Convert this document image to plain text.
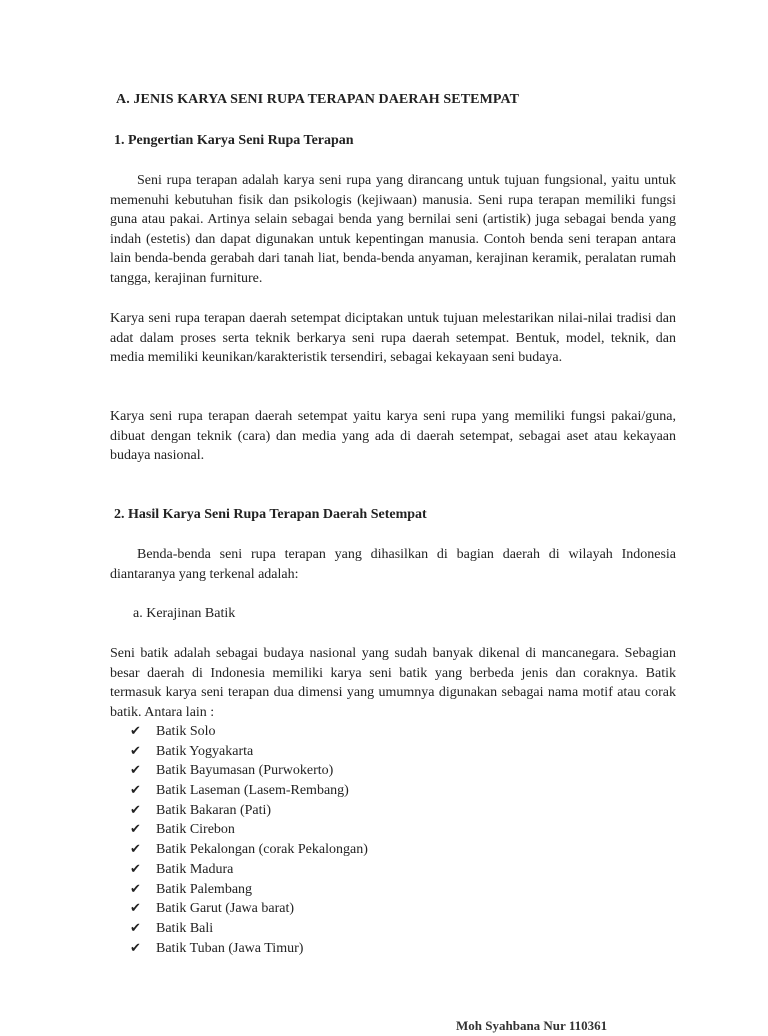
A. JENIS KARYA SENI RUPA TERAPAN DAERAH SETEMPAT
1. Pengertian Karya Seni Rupa Terapan
Seni rupa terapan adalah karya seni rupa yang dirancang untuk tujuan fungsional, yaitu untuk memenuhi kebutuhan fisik dan psikologis (kejiwaan) manusia. Seni rupa terapan memiliki fungsi guna atau pakai. Artinya selain sebagai benda yang bernilai seni (artistik) juga sebagai benda yang indah (estetis) dan dapat digunakan untuk kepentingan manusia. Contoh benda seni terapan antara lain benda-benda gerabah dari tanah liat, benda-benda anyaman, kerajinan keramik, peralatan rumah tangga, kerajinan furniture.
Karya seni rupa terapan daerah setempat diciptakan untuk tujuan melestarikan nilai-nilai tradisi dan adat dalam proses serta teknik berkarya seni rupa daerah setempat. Bentuk, model, teknik, dan media memiliki keunikan/karakteristik tersendiri, sebagai kekayaan seni budaya.
Karya seni rupa terapan daerah setempat yaitu karya seni rupa yang memiliki fungsi pakai/guna, dibuat dengan teknik (cara) dan media yang ada di daerah setempat, sebagai aset atau kekayaan budaya nasional.
2. Hasil Karya Seni Rupa Terapan Daerah Setempat
Benda-benda seni rupa terapan yang dihasilkan di bagian daerah di wilayah Indonesia diantaranya yang terkenal adalah:
a. Kerajinan Batik
Seni batik adalah sebagai budaya nasional yang sudah banyak dikenal di mancanegara. Sebagian besar daerah di Indonesia memiliki karya seni batik yang berbeda jenis dan coraknya. Batik termasuk karya seni terapan dua dimensi yang umumnya digunakan sebagai nama motif atau corak batik. Antara lain :
✔	Batik Solo
✔	Batik Yogyakarta
✔	Batik Bayumasan (Purwokerto)
✔	Batik Laseman (Lasem-Rembang)
✔	Batik Bakaran (Pati)
✔	Batik Cirebon
✔	Batik Pekalongan (corak Pekalongan)
✔	Batik Madura
✔	Batik Palembang
✔	Batik Garut (Jawa barat)
✔	Batik Bali
✔	Batik Tuban (Jawa Timur)
Moh Syahbana Nur 110361
